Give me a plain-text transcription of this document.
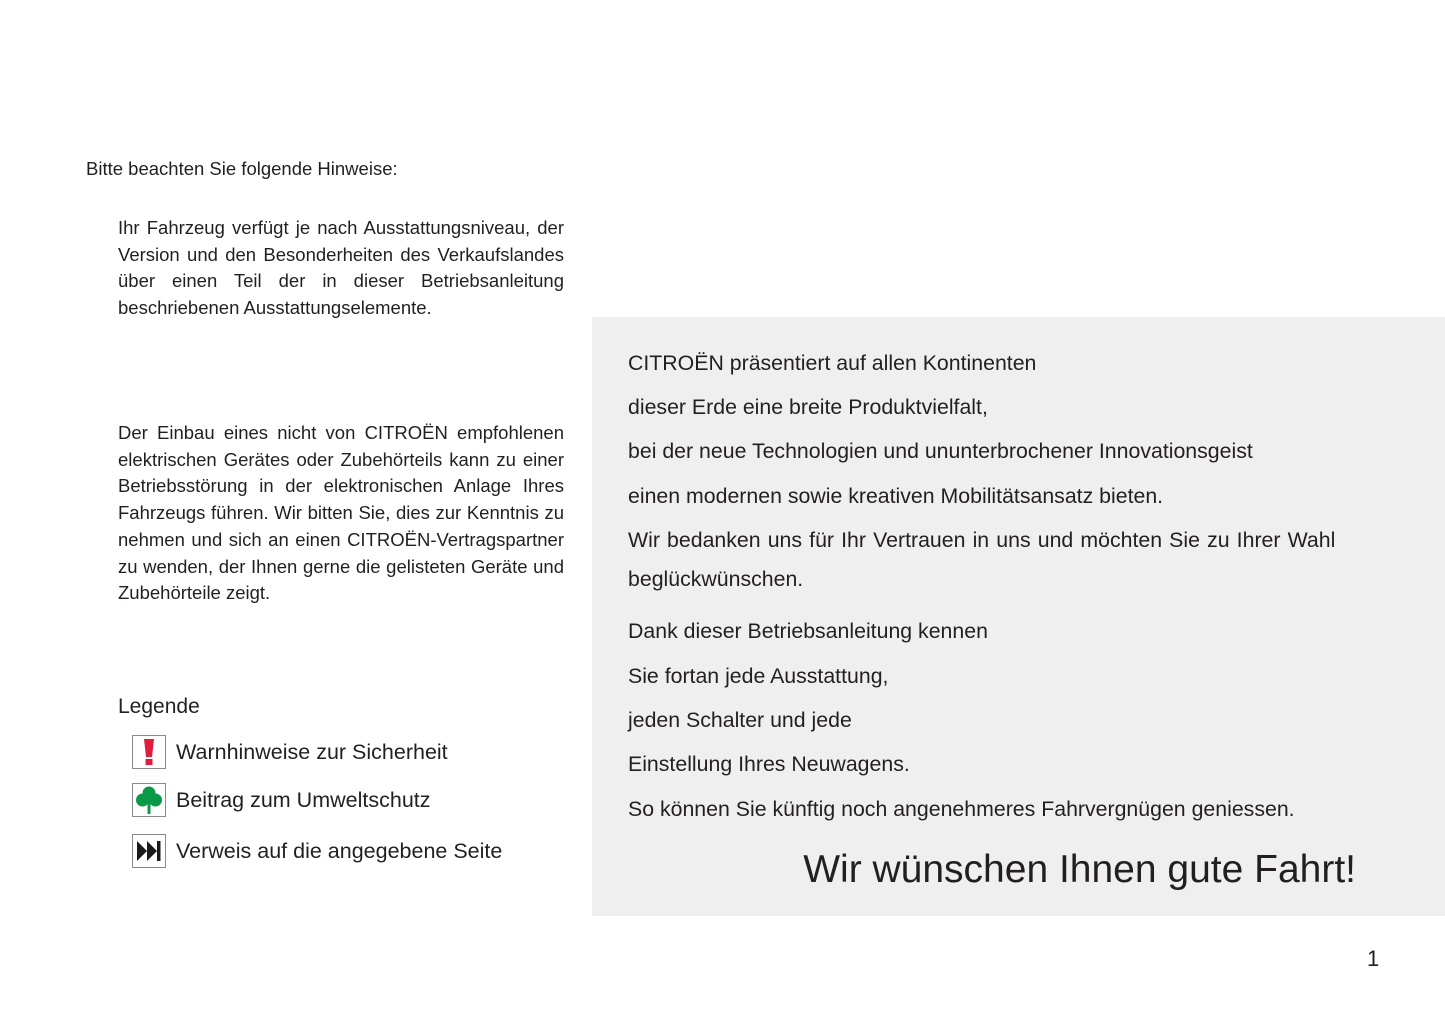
Bitte beachten Sie folgende Hinweise:

Ihr Fahrzeug verfügt je nach Ausstattungsniveau, der Version und den Besonderheiten des Verkaufslandes über einen Teil der in dieser Betriebsanleitung beschriebenen Ausstattungselemente.

Der Einbau eines nicht von CITROËN empfohlenen elektrischen Gerätes oder Zubehörteils kann zu einer Betriebsstörung in der elektronischen Anlage Ihres Fahrzeugs führen. Wir bitten Sie, dies zur Kenntnis zu nehmen und sich an einen CITROËN-Vertragspartner zu wenden, der Ihnen gerne die gelisteten Geräte und Zubehörteile zeigt.

Legende
Warnhinweise zur Sicherheit
Beitrag zum Umweltschutz
Verweis auf die angegebene Seite
CITROËN präsentiert auf allen Kontinenten
dieser Erde eine breite Produktvielfalt,
bei der neue Technologien und ununterbrochener Innovationsgeist
einen modernen sowie kreativen Mobilitätsansatz bieten.
Wir bedanken uns für Ihr Vertrauen in uns und möchten Sie zu Ihrer Wahl
beglückwünschen.
Dank dieser Betriebsanleitung kennen
Sie fortan jede Ausstattung,
jeden Schalter und jede
Einstellung Ihres Neuwagens.
So können Sie künftig noch angenehmeres Fahrvergnügen geniessen.
Wir wünschen Ihnen gute Fahrt!
1
